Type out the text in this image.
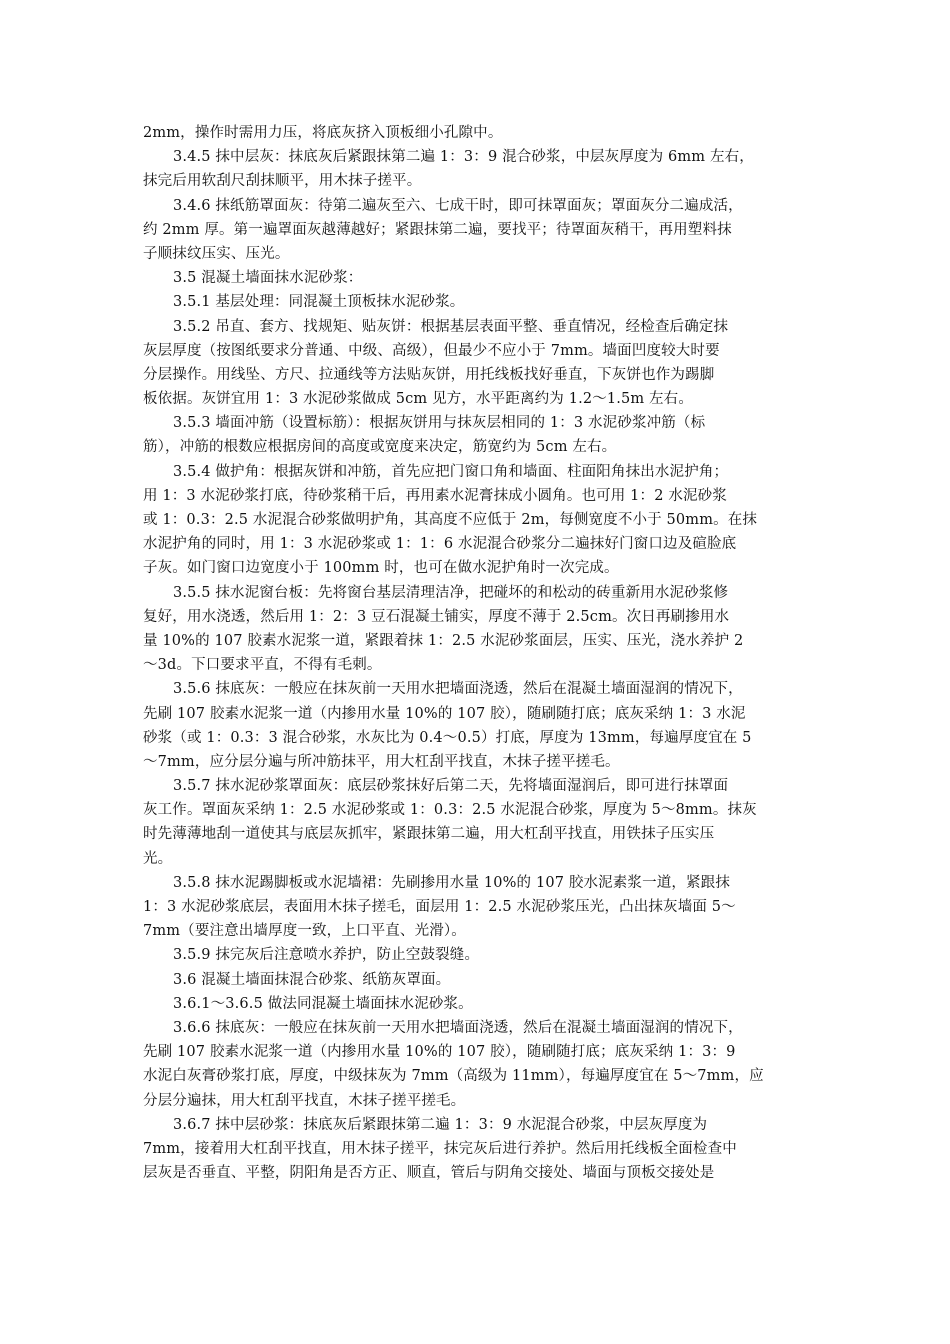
2mm，操作时需用力压，将底灰挤入顶板细小孔隙中。
3.4.5 抹中层灰：抹底灰后紧跟抹第二遍 1：3：9 混合砂浆，中层灰厚度为 6mm 左右，
抹完后用软刮尺刮抹顺平，用木抹子搓平。
3.4.6 抹纸筋罩面灰：待第二遍灰至六、七成干时，即可抹罩面灰；罩面灰分二遍成活，
约 2mm 厚。第一遍罩面灰越薄越好；紧跟抹第二遍，要找平；待罩面灰稍干，再用塑料抹
子顺抹纹压实、压光。
3.5 混凝土墙面抹水泥砂浆：
3.5.1 基层处理：同混凝土顶板抹水泥砂浆。
3.5.2 吊直、套方、找规矩、贴灰饼：根据基层表面平整、垂直情况，经检查后确定抹
灰层厚度（按图纸要求分普通、中级、高级），但最少不应小于 7mm。墙面凹度较大时要
分层操作。用线坠、方尺、拉通线等方法贴灰饼，用托线板找好垂直，下灰饼也作为踢脚
板依据。灰饼宜用 1：3 水泥砂浆做成 5cm 见方，水平距离约为 1.2～1.5m 左右。
3.5.3 墙面冲筋（设置标筋）：根据灰饼用与抹灰层相同的 1：3 水泥砂浆冲筋（标
筋），冲筋的根数应根据房间的高度或宽度来决定，筋宽约为 5cm 左右。
3.5.4 做护角：根据灰饼和冲筋，首先应把门窗口角和墙面、柱面阳角抹出水泥护角；
用 1：3 水泥砂浆打底，待砂浆稍干后，再用素水泥膏抹成小圆角。也可用 1：2 水泥砂浆
或 1：0.3：2.5 水泥混合砂浆做明护角，其高度不应低于 2m，每侧宽度不小于 50mm。在抹
水泥护角的同时，用 1：3 水泥砂浆或 1：1：6 水泥混合砂浆分二遍抹好门窗口边及碹脸底
子灰。如门窗口边宽度小于 100mm 时，也可在做水泥护角时一次完成。
3.5.5 抹水泥窗台板：先将窗台基层清理洁净，把碰坏的和松动的砖重新用水泥砂浆修
复好，用水浇透，然后用 1：2：3 豆石混凝土铺实，厚度不薄于 2.5cm。次日再刷掺用水
量 10%的 107 胶素水泥浆一道，紧跟着抹 1：2.5 水泥砂浆面层，压实、压光，浇水养护 2
～3d。下口要求平直，不得有毛刺。
3.5.6 抹底灰：一般应在抹灰前一天用水把墙面浇透，然后在混凝土墙面湿润的情况下，
先刷 107 胶素水泥浆一道（内掺用水量 10%的 107 胶），随刷随打底；底灰采纳 1：3 水泥
砂浆（或 1：0.3：3 混合砂浆，水灰比为 0.4～0.5）打底，厚度为 13mm，每遍厚度宜在 5
～7mm，应分层分遍与所冲筋抹平，用大杠刮平找直，木抹子搓平搓毛。
3.5.7 抹水泥砂浆罩面灰：底层砂浆抹好后第二天，先将墙面湿润后，即可进行抹罩面
灰工作。罩面灰采纳 1：2.5 水泥砂浆或 1：0.3：2.5 水泥混合砂浆，厚度为 5～8mm。抹灰
时先薄薄地刮一道使其与底层灰抓牢，紧跟抹第二遍，用大杠刮平找直，用铁抹子压实压
光。
3.5.8 抹水泥踢脚板或水泥墙裙：先刷掺用水量 10%的 107 胶水泥素浆一道，紧跟抹
1：3 水泥砂浆底层，表面用木抹子搓毛，面层用 1：2.5 水泥砂浆压光，凸出抹灰墙面 5～
7mm（要注意出墙厚度一致，上口平直、光滑）。
3.5.9 抹完灰后注意喷水养护，防止空鼓裂缝。
3.6 混凝土墙面抹混合砂浆、纸筋灰罩面。
3.6.1～3.6.5 做法同混凝土墙面抹水泥砂浆。
3.6.6 抹底灰：一般应在抹灰前一天用水把墙面浇透，然后在混凝土墙面湿润的情况下，
先刷 107 胶素水泥浆一道（内掺用水量 10%的 107 胶），随刷随打底；底灰采纳 1：3：9
水泥白灰膏砂浆打底，厚度，中级抹灰为 7mm（高级为 11mm），每遍厚度宜在 5～7mm，应
分层分遍抹，用大杠刮平找直，木抹子搓平搓毛。
3.6.7 抹中层砂浆：抹底灰后紧跟抹第二遍 1：3：9 水泥混合砂浆，中层灰厚度为
7mm，接着用大杠刮平找直，用木抹子搓平，抹完灰后进行养护。然后用托线板全面检查中
层灰是否垂直、平整，阴阳角是否方正、顺直，管后与阴角交接处、墙面与顶板交接处是
